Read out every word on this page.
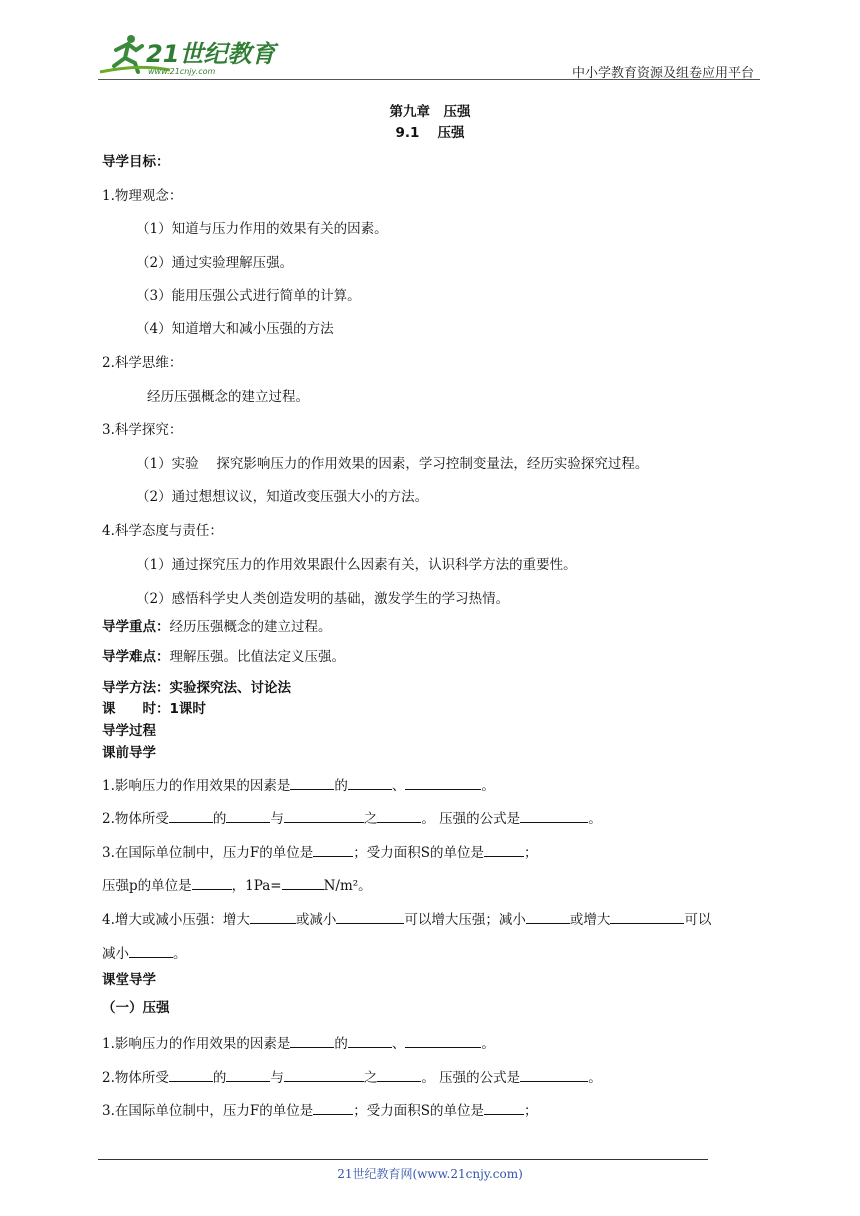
21世纪教育
www.21cnjy.com	中小学教育资源及组卷应用平台
第九章　压强
9.1　 压强
导学目标：
1.物理观念：
（1）知道与压力作用的效果有关的因素。
（2）通过实验理解压强。
（3）能用压强公式进行简单的计算。
（4）知道增大和减小压强的方法
2.科学思维：
经历压强概念的建立过程。
3.科学探究：
（1）实验　 探究影响压力的作用效果的因素，学习控制变量法，经历实验探究过程。
（2）通过想想议议，知道改变压强大小的方法。
4.科学态度与责任：
（1）通过探究压力的作用效果跟什么因素有关，认识科学方法的重要性。
（2）感悟科学史人类创造发明的基础，激发学生的学习热情。
导学重点：经历压强概念的建立过程。
导学难点：理解压强。比值法定义压强。
导学方法：实验探究法、讨论法
课　　时：1课时
导学过程
课前导学
1.影响压力的作用效果的因素是	的	、	。
2.物体所受	的	与	之	。 压强的公式是	。
3.在国际单位制中，压力F的单位是	；受力面积S的单位是	；
压强p的单位是	，1Pa=	N/m²。
4.增大或减小压强：增大	或减小	可以增大压强；减小	或增大	可以
减小	。
课堂导学
（一）压强
1.影响压力的作用效果的因素是	的	、	。
2.物体所受	的	与	之	。 压强的公式是	。
3.在国际单位制中，压力F的单位是	；受力面积S的单位是	；
21世纪教育网(www.21cnjy.com)
